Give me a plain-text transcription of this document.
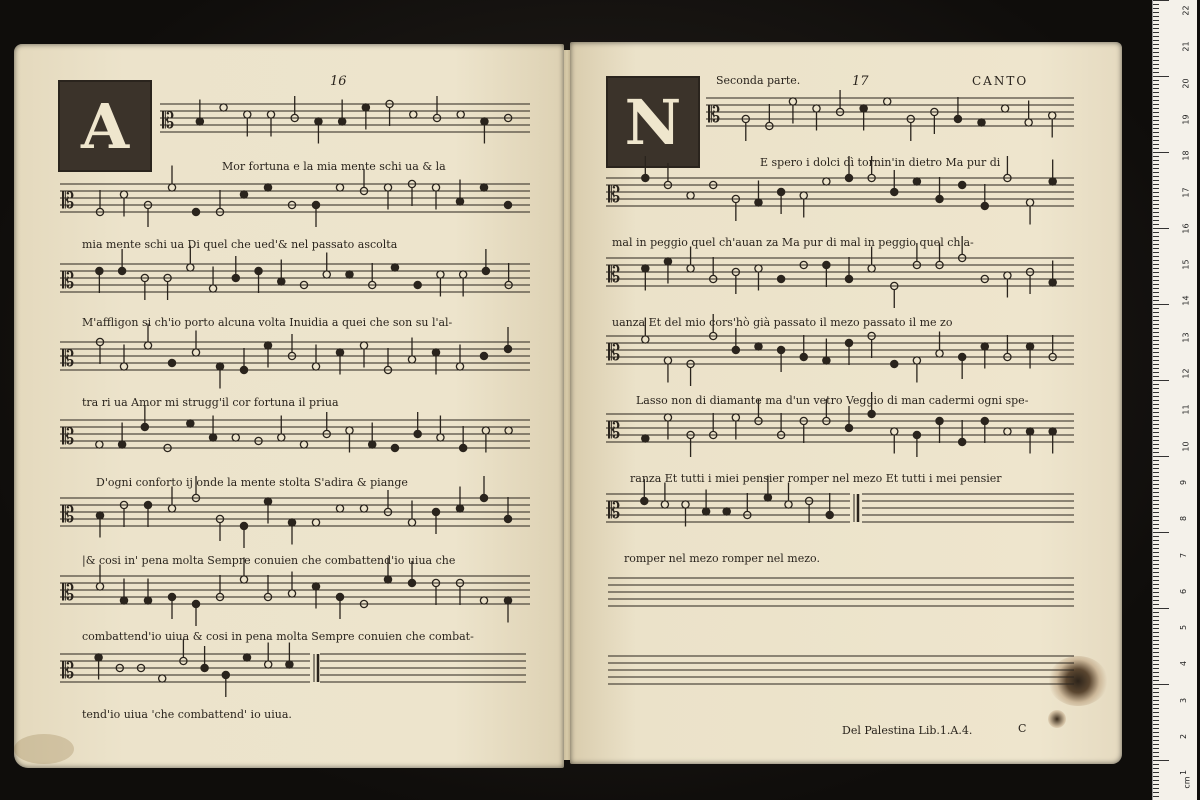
A
16
Mor fortuna e la mia mente schi ua & la
mia mente schi ua Di quel che ued'& nel passato ascolta
M'affligon si ch'io porto alcuna volta Inuidia a quei che son su l'al-
tra ri ua Amor mi strugg'il cor fortuna il priua
D'ogni conforto ij onde la mente stolta S'adira & piange
|& cosi in' pena molta Sempre conuien che combattend'io uiua che
combattend'io uiua & cosi in pena molta Sempre conuien che combat-
tend'io uiua 'che combattend' io uiua.
N
Seconda parte.	17	CANTO
E spero i dolci dì tornin'in dietro Ma pur di
mal in peggio quel ch'auan za Ma pur di mal in peggio quel ch'a-
uanza Et del mio cors'hò già passato il mezo passato il me zo
Lasso non di diamante ma d'un vetro Veggio di man cadermi ogni spe-
ranza Et tutti i miei pensier romper nel mezo Et tutti i mei pensier
romper nel mezo romper nel mezo.
Del Palestina Lib.1.A.4.	C
𝄡
𝄡
𝄡
𝄡
𝄡
𝄡
𝄡
𝄡
𝄡
𝄡
𝄡
𝄡
𝄡
𝄡
22
21
20
19
18
17
16
15
14
13
12
11
10
9
8
7
6
5
4
3
2
1
cm
